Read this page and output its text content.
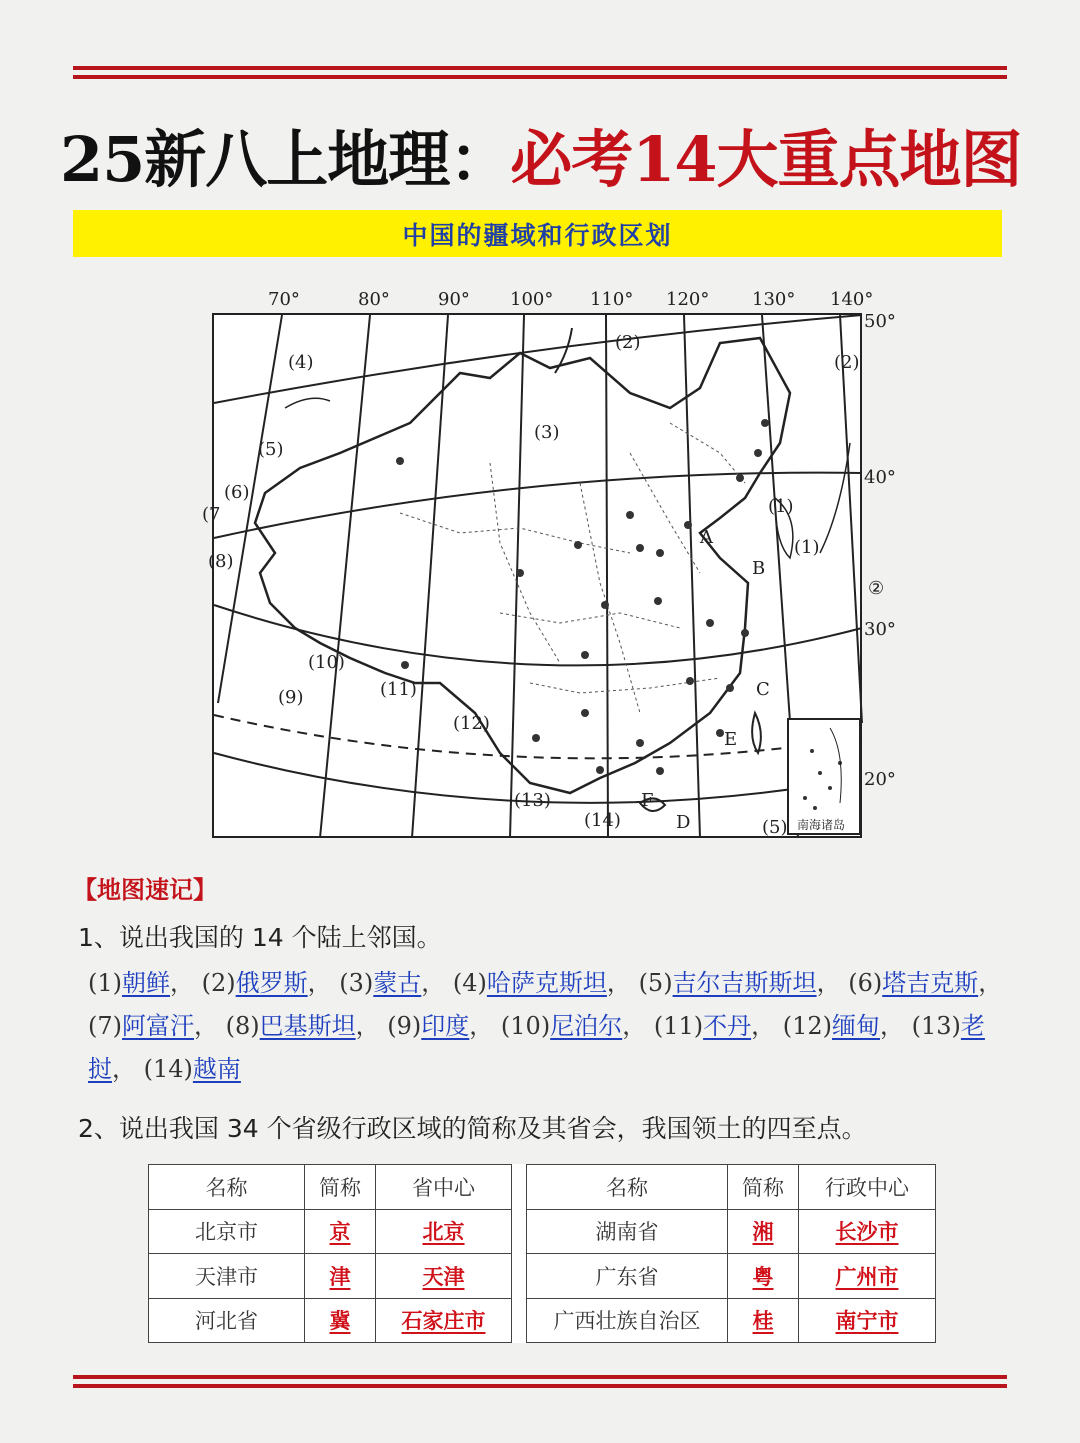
25新八上地理：必考14大重点地图
中国的疆域和行政区划
70°	80°	90° 100° 110° 120° 130° 140°
50°
40°
30°
20°
南海诸岛
(4)
(2)
(2)
(3)
(5)
(6)
(7
(8)
(9)
(10)
(11)
(12)
(13)
(14)	(5)
(1)
(1)
②
B
C
D
E
F
A
【地图速记】
1、说出我国的 14 个陆上邻国。
(1)朝鲜， (2)俄罗斯， (3)蒙古， (4)哈萨克斯坦， (5)吉尔吉斯斯坦， (6)塔吉克斯， (7)阿富汗， (8)巴基斯坦， (9)印度， (10)尼泊尔， (11)不丹， (12)缅甸， (13)老挝， (14)越南
2、说出我国 34 个省级行政区域的简称及其省会，我国领土的四至点。
名称	简称	省中心		名称	简称	行政中心
北京市	京	北京		湖南省	湘	长沙市
天津市	津	天津		广东省	粤	广州市
河北省	冀	石家庄市		广西壮族自治区	桂	南宁市
